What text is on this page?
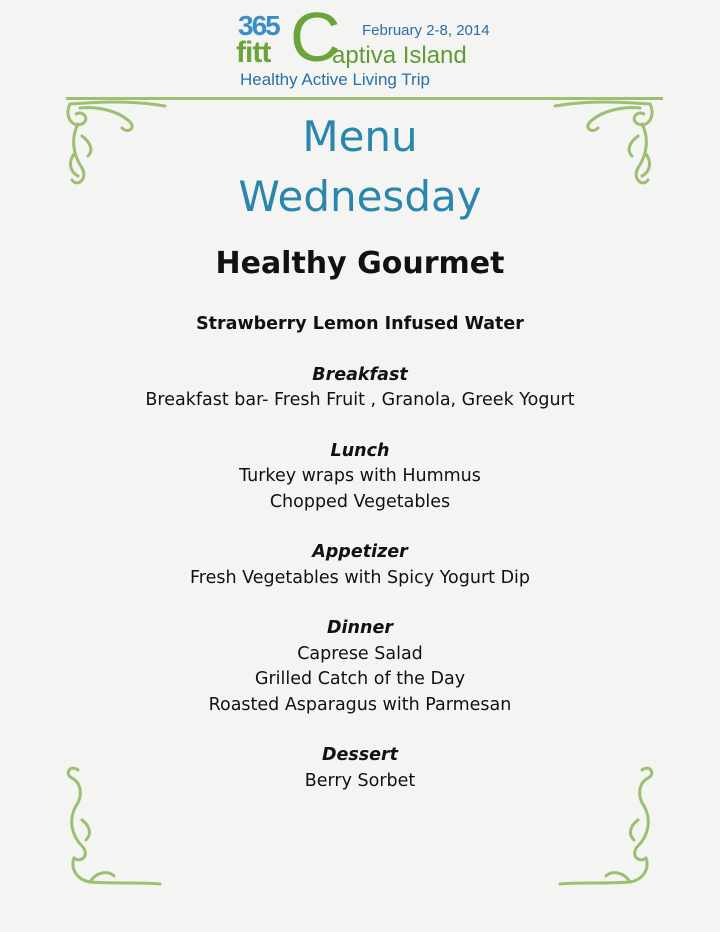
365
fitt C February 2-8, 2014
aptiva Island
Healthy Active Living Trip
Menu
Wednesday
Healthy Gourmet
Strawberry Lemon Infused Water
Breakfast
Breakfast bar- Fresh Fruit , Granola, Greek Yogurt
Lunch
Turkey wraps with Hummus
Chopped Vegetables
Appetizer
Fresh Vegetables with Spicy Yogurt Dip
Dinner
Caprese Salad
Grilled Catch of the Day
Roasted Asparagus with Parmesan
Dessert
Berry Sorbet
